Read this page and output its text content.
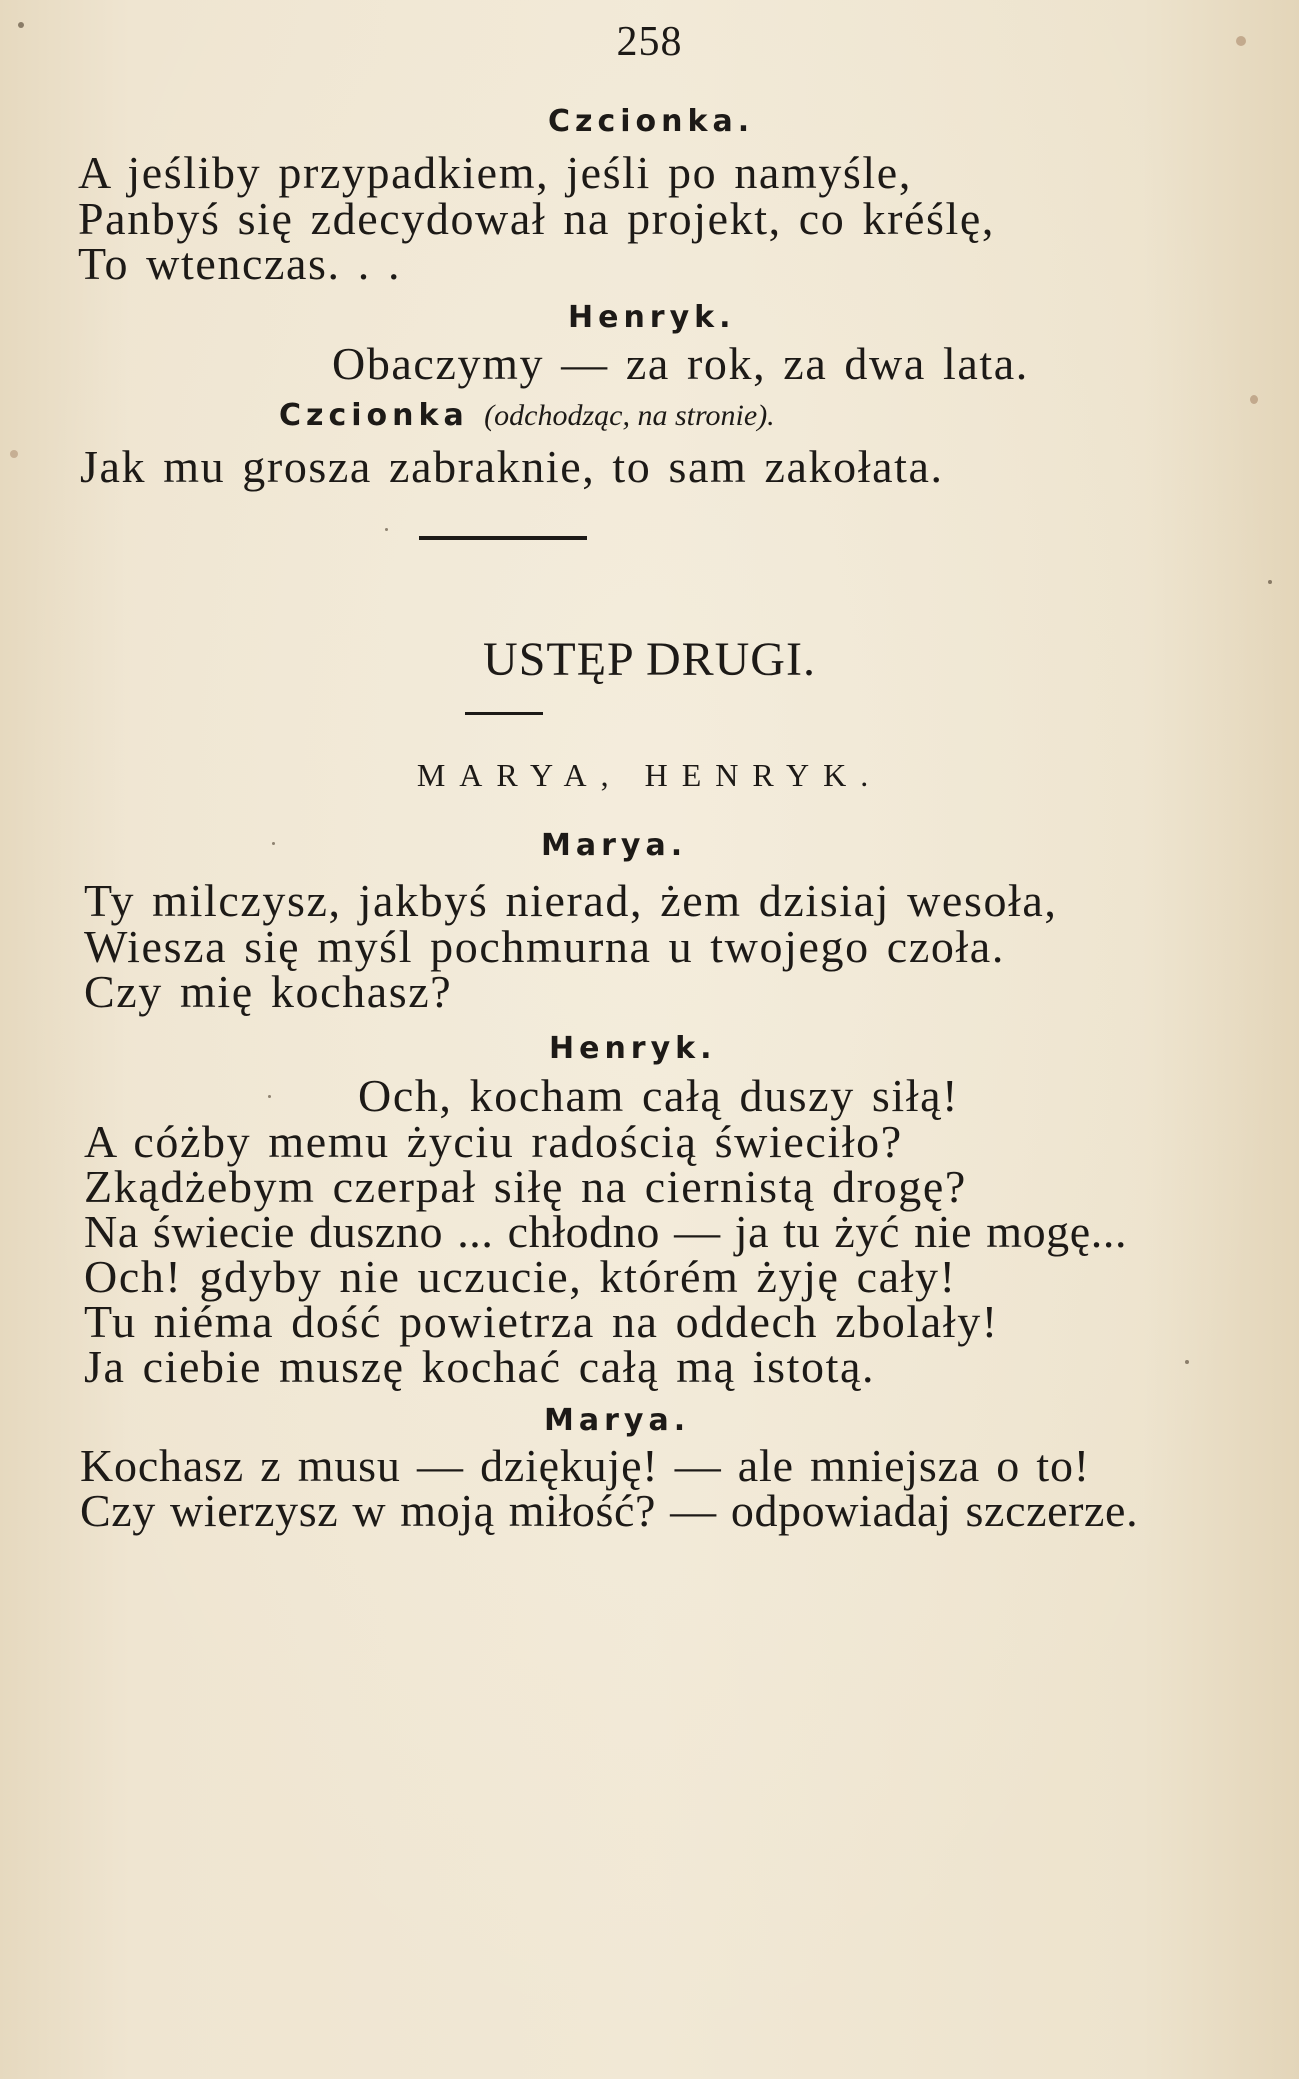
258
Czcionka.
A jeśliby przypadkiem, jeśli po namyśle,
Panbyś się zdecydował na projekt, co kréślę,
To wtenczas. . .
Henryk.
Obaczymy — za rok, za dwa lata.
Czcionka (odchodząc, na stronie).
Jak mu grosza zabraknie, to sam zakołata.
USTĘP DRUGI.
MARYA, HENRYK.
Marya.
Ty milczysz, jakbyś nierad, żem dzisiaj wesoła,
Wiesza się myśl pochmurna u twojego czoła.
Czy mię kochasz?
Henryk.
Och, kocham całą duszy siłą!
A cóżby memu życiu radością świeciło?
Zkądżebym czerpał siłę na ciernistą drogę?
Na świecie duszno ... chłodno — ja tu żyć nie mogę...
Och! gdyby nie uczucie, którém żyję cały!
Tu niéma dość powietrza na oddech zbolały!
Ja ciebie muszę kochać całą mą istotą.
Marya.
Kochasz z musu — dziękuję! — ale mniejsza o to!
Czy wierzysz w moją miłość? — odpowiadaj szczerze.
